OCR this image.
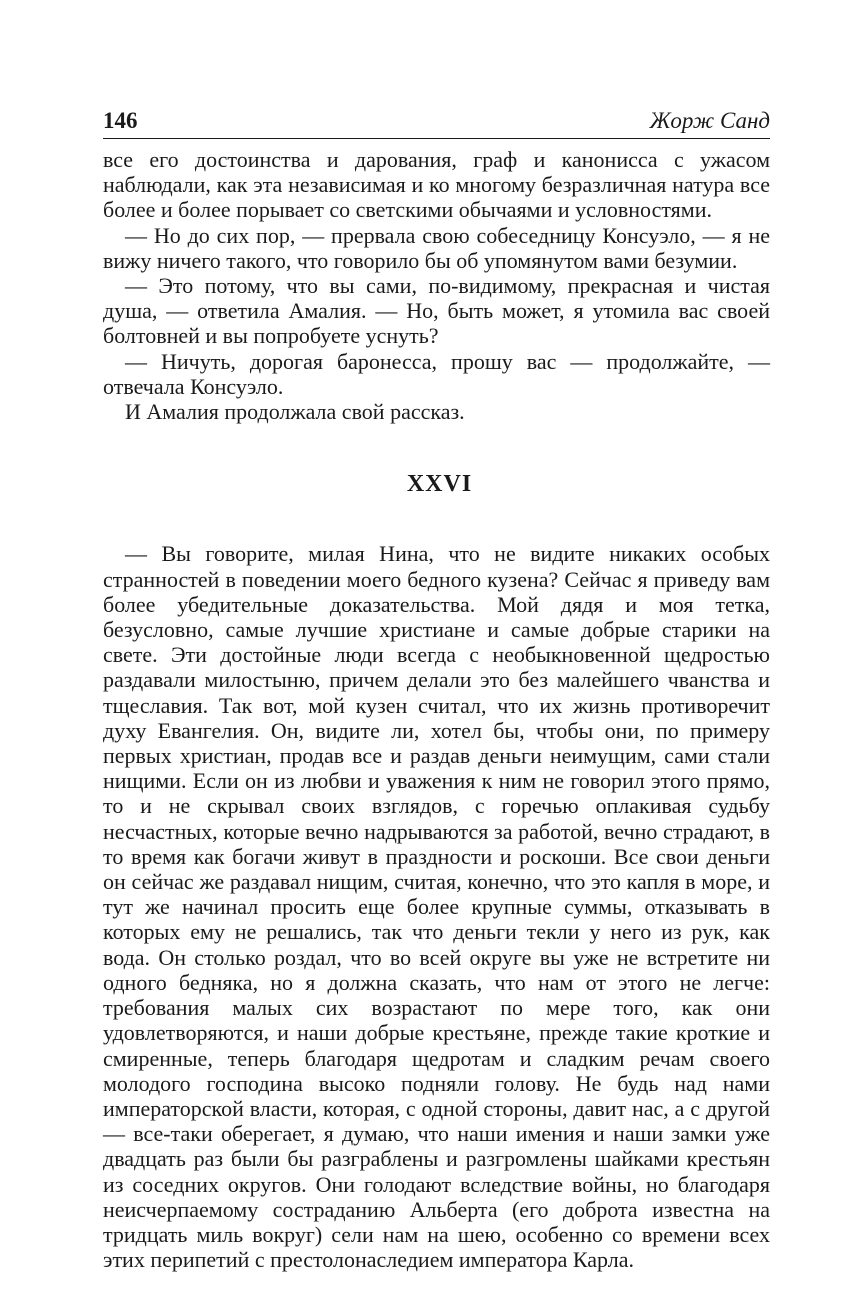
146	Жорж Санд

все его достоинства и дарования, граф и канонисса с ужасом наблюдали, как эта независимая и ко многому безразличная натура все более и более порывает со светскими обычаями и условностями.

— Но до сих пор, — прервала свою собеседницу Консуэло, — я не вижу ничего такого, что говорило бы об упомянутом вами безумии.

— Это потому, что вы сами, по-видимому, прекрасная и чистая душа, — ответила Амалия. — Но, быть может, я утомила вас своей болтовней и вы попробуете уснуть?

— Ничуть, дорогая баронесса, прошу вас — продолжайте, — отвечала Консуэло.

И Амалия продолжала свой рассказ.

XXVI

— Вы говорите, милая Нина, что не видите никаких особых странностей в поведении моего бедного кузена? Сейчас я приведу вам более убедительные доказательства. Мой дядя и моя тетка, безусловно, самые лучшие христиане и самые добрые старики на свете. Эти достойные люди всегда с необыкновенной щедростью раздавали милостыню, причем делали это без малейшего чванства и тщеславия. Так вот, мой кузен считал, что их жизнь противоречит духу Евангелия. Он, видите ли, хотел бы, чтобы они, по примеру первых христиан, продав все и раздав деньги неимущим, сами стали нищими. Если он из любви и уважения к ним не говорил этого прямо, то и не скрывал своих взглядов, с горечью оплакивая судьбу несчастных, которые вечно надрываются за работой, вечно страдают, в то время как богачи живут в праздности и роскоши. Все свои деньги он сейчас же раздавал нищим, считая, конечно, что это капля в море, и тут же начинал просить еще более крупные суммы, отказывать в которых ему не решались, так что деньги текли у него из рук, как вода. Он столько роздал, что во всей округе вы уже не встретите ни одного бедняка, но я должна сказать, что нам от этого не легче: требования малых сих возрастают по мере того, как они удовлетворяются, и наши добрые крестьяне, прежде такие кроткие и смиренные, теперь благодаря щедротам и сладким речам своего молодого господина высоко подняли голову. Не будь над нами императорской власти, которая, с одной стороны, давит нас, а с другой — все-таки оберегает, я думаю, что наши имения и наши замки уже двадцать раз были бы разграблены и разгромлены шайками крестьян из соседних округов. Они голодают вследствие войны, но благодаря неисчерпаемому состраданию Альберта (его доброта известна на тридцать миль вокруг) сели нам на шею, особенно со времени всех этих перипетий с престолонаследием императора Карла.
